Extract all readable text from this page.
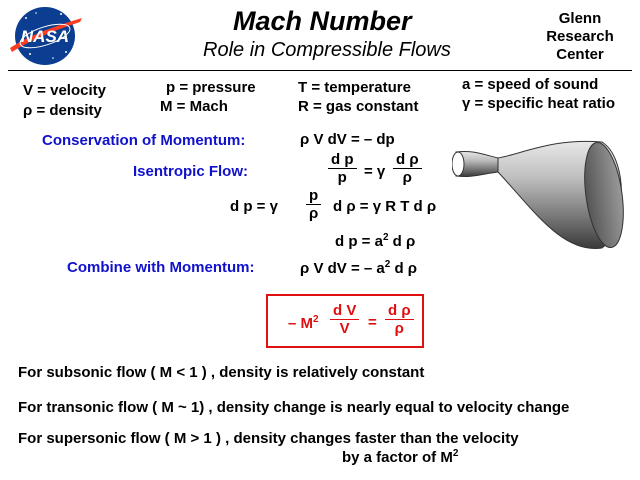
NASA
Mach Number
Role in Compressible Flows
Glenn
Research
Center
V = velocity
ρ = density
p = pressure
M = Mach
T = temperature
R = gas constant
a = speed of sound
γ = specific heat ratio
Conservation of Momentum:	ρ V dV = – dp
Isentropic Flow:	$\frac{\text{d p}}{p} = \gamma \frac{\text{d ρ}}{\rho}$
d p = γ $\frac{p}{\rho}$ d ρ = γ R T d ρ
d $p = a^2$ d ρ
Combine with Momentum:	ρ V dV = – $a^2$ d ρ
– $M^2 \frac{\text{d V}}{V} = \frac{\text{d ρ}}{\rho}$
For subsonic flow ( M < 1 ) , density is relatively constant
For transonic flow ( M ~ 1) , density change is nearly equal to velocity change
For supersonic flow ( M > 1 ) , density changes faster than the velocity
by a factor of $M^2$
